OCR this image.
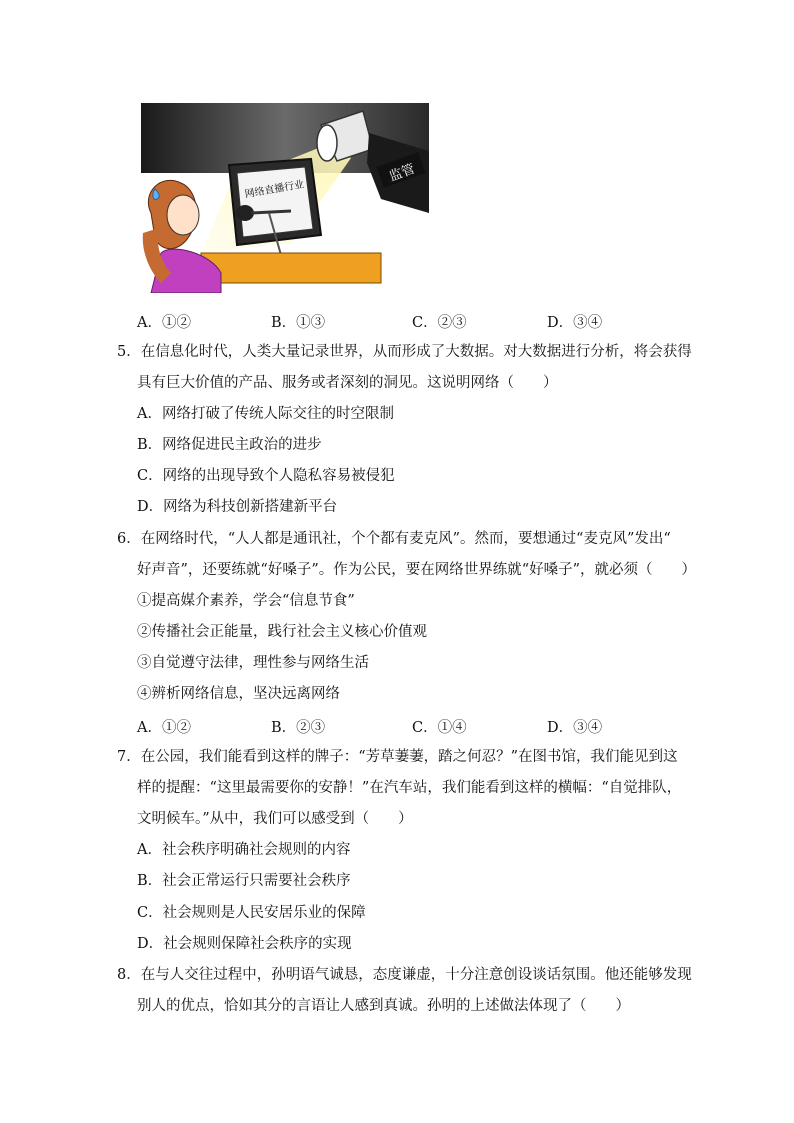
监管
网络直播行业
A．①②	B．①③	C．②③	D．③④
5．在信息化时代，人类大量记录世界，从而形成了大数据。对大数据进行分析，将会获得
具有巨大价值的产品、服务或者深刻的洞见。这说明网络（　　）
A．网络打破了传统人际交往的时空限制
B．网络促进民主政治的进步
C．网络的出现导致个人隐私容易被侵犯
D．网络为科技创新搭建新平台
6．在网络时代，“人人都是通讯社，个个都有麦克风”。然而，要想通过“麦克风”发出“
好声音”，还要练就“好嗓子”。作为公民，要在网络世界练就“好嗓子”，就必须（　　）
①提高媒介素养，学会“信息节食”
②传播社会正能量，践行社会主义核心价值观
③自觉遵守法律，理性参与网络生活
④辨析网络信息，坚决远离网络
A．①②	B．②③	C．①④	D．③④
7．在公园，我们能看到这样的牌子：“芳草萋萋，踏之何忍？”在图书馆，我们能见到这
样的提醒：“这里最需要你的安静！”在汽车站，我们能看到这样的横幅：“自觉排队，
文明候车。”从中，我们可以感受到（　　）
A．社会秩序明确社会规则的内容
B．社会正常运行只需要社会秩序
C．社会规则是人民安居乐业的保障
D．社会规则保障社会秩序的实现
8．在与人交往过程中，孙明语气诚恳，态度谦虚，十分注意创设谈话氛围。他还能够发现
别人的优点，恰如其分的言语让人感到真诚。孙明的上述做法体现了（　　）
